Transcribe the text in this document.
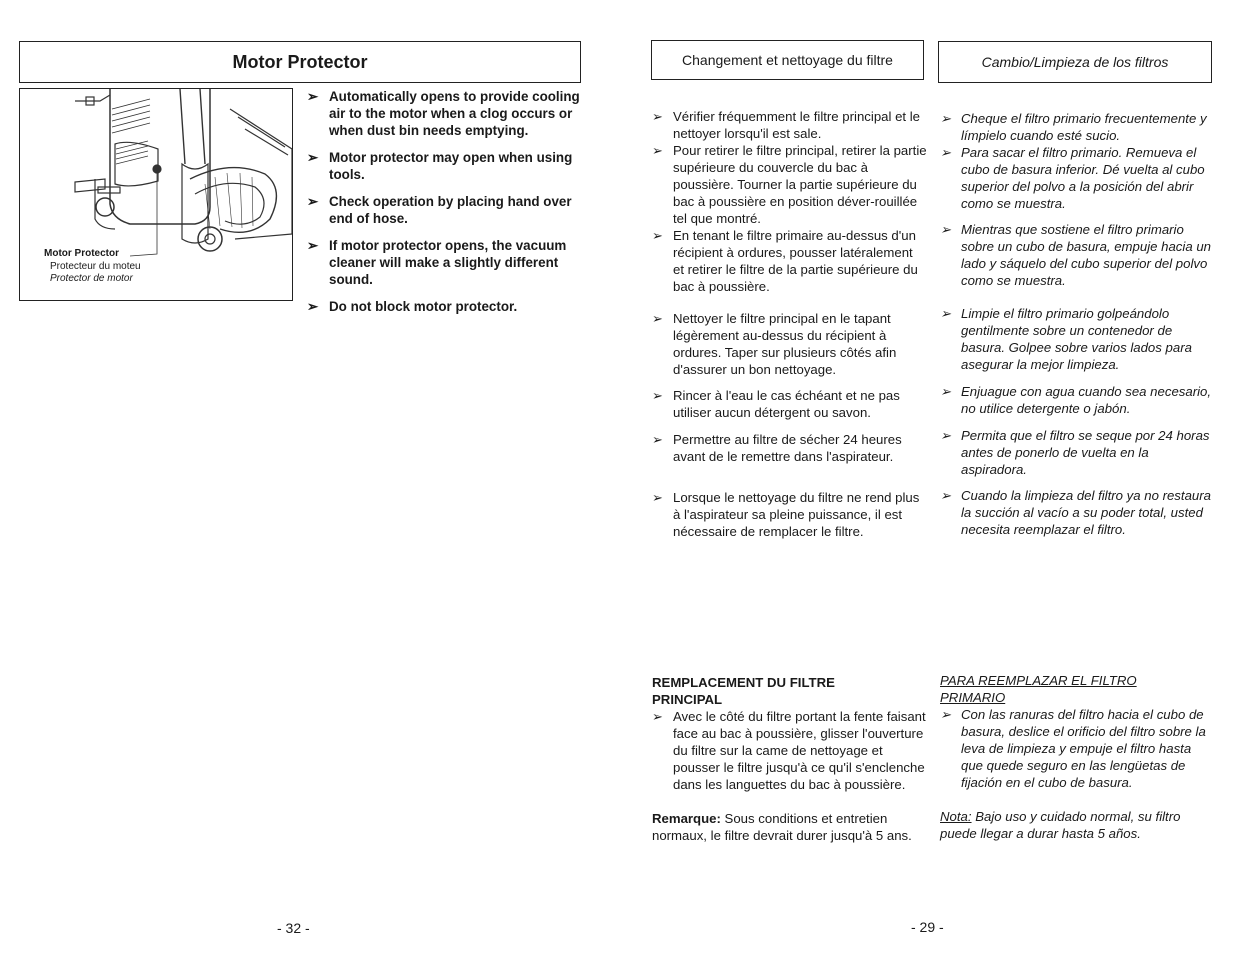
Motor Protector
Motor Protector
Protecteur du moteu
Protector de motor
➢ Automatically opens to provide cooling air to the motor when a clog occurs or when dust bin needs emptying.
➢ Motor protector may open when using tools.
➢ Check operation by placing hand over end of hose.
➢ If motor protector opens, the vacuum cleaner will make a slightly different sound.
➢ Do not block motor protector.
- 32 -
Changement et nettoyage du filtre	Cambio/Limpieza de los filtros
➢ Vérifier fréquemment le filtre principal et le nettoyer lorsqu'il est sale.
➢ Pour retirer le filtre principal, retirer la partie supérieure du couvercle du bac à poussière. Tourner la partie supérieure du bac à poussière en position déver-rouillée tel que montré.
➢ En tenant le filtre primaire au-dessus d'un récipient à ordures, pousser latéralement et retirer le filtre de la partie supérieure du bac à poussière.
➢ Nettoyer le filtre principal en le tapant légèrement au-dessus du récipient à ordures. Taper sur plusieurs côtés afin d'assurer un bon nettoyage.
➢ Rincer à l'eau le cas échéant et ne pas utiliser aucun détergent ou savon.
➢ Permettre au filtre de sécher 24 heures avant de le remettre dans l'aspirateur.
➢ Lorsque le nettoyage du filtre ne rend plus à l'aspirateur sa pleine puissance, il est nécessaire de remplacer le filtre.
REMPLACEMENT DU FILTRE PRINCIPAL
➢ Avec le côté du filtre portant la fente faisant face au bac à poussière, glisser l'ouverture du filtre sur la came de nettoyage et pousser le filtre jusqu'à ce qu'il s'enclenche dans les languettes du bac à poussière.
Remarque: Sous conditions et entretien normaux, le filtre devrait durer jusqu'à 5 ans.
➢ Cheque el filtro primario frecuentemente y límpielo cuando esté sucio.
➢ Para sacar el filtro primario. Remueva el cubo de basura inferior. Dé vuelta al cubo superior del polvo a la posición del abrir como se muestra.
➢ Mientras que sostiene el filtro primario sobre un cubo de basura, empuje hacia un lado y sáquelo del cubo superior del polvo como se muestra.
➢ Limpie el filtro primario golpeándolo gentilmente sobre un contenedor de basura. Golpee sobre varios lados para asegurar la mejor limpieza.
➢ Enjuague con agua cuando sea necesario, no utilice detergente o jabón.
➢ Permita que el filtro se seque por 24 horas antes de ponerlo de vuelta en la aspiradora.
➢ Cuando la limpieza del filtro ya no restaura la succión al vacío a su poder total, usted necesita reemplazar el filtro.
PARA REEMPLAZAR EL FILTRO PRIMARIO
➢ Con las ranuras del filtro hacia el cubo de basura, deslice el orificio del filtro sobre la leva de limpieza y empuje el filtro hasta que quede seguro en las lengüetas de fijación en el cubo de basura.
Nota: Bajo uso y cuidado normal, su filtro puede llegar a durar hasta 5 años.
- 29 -
